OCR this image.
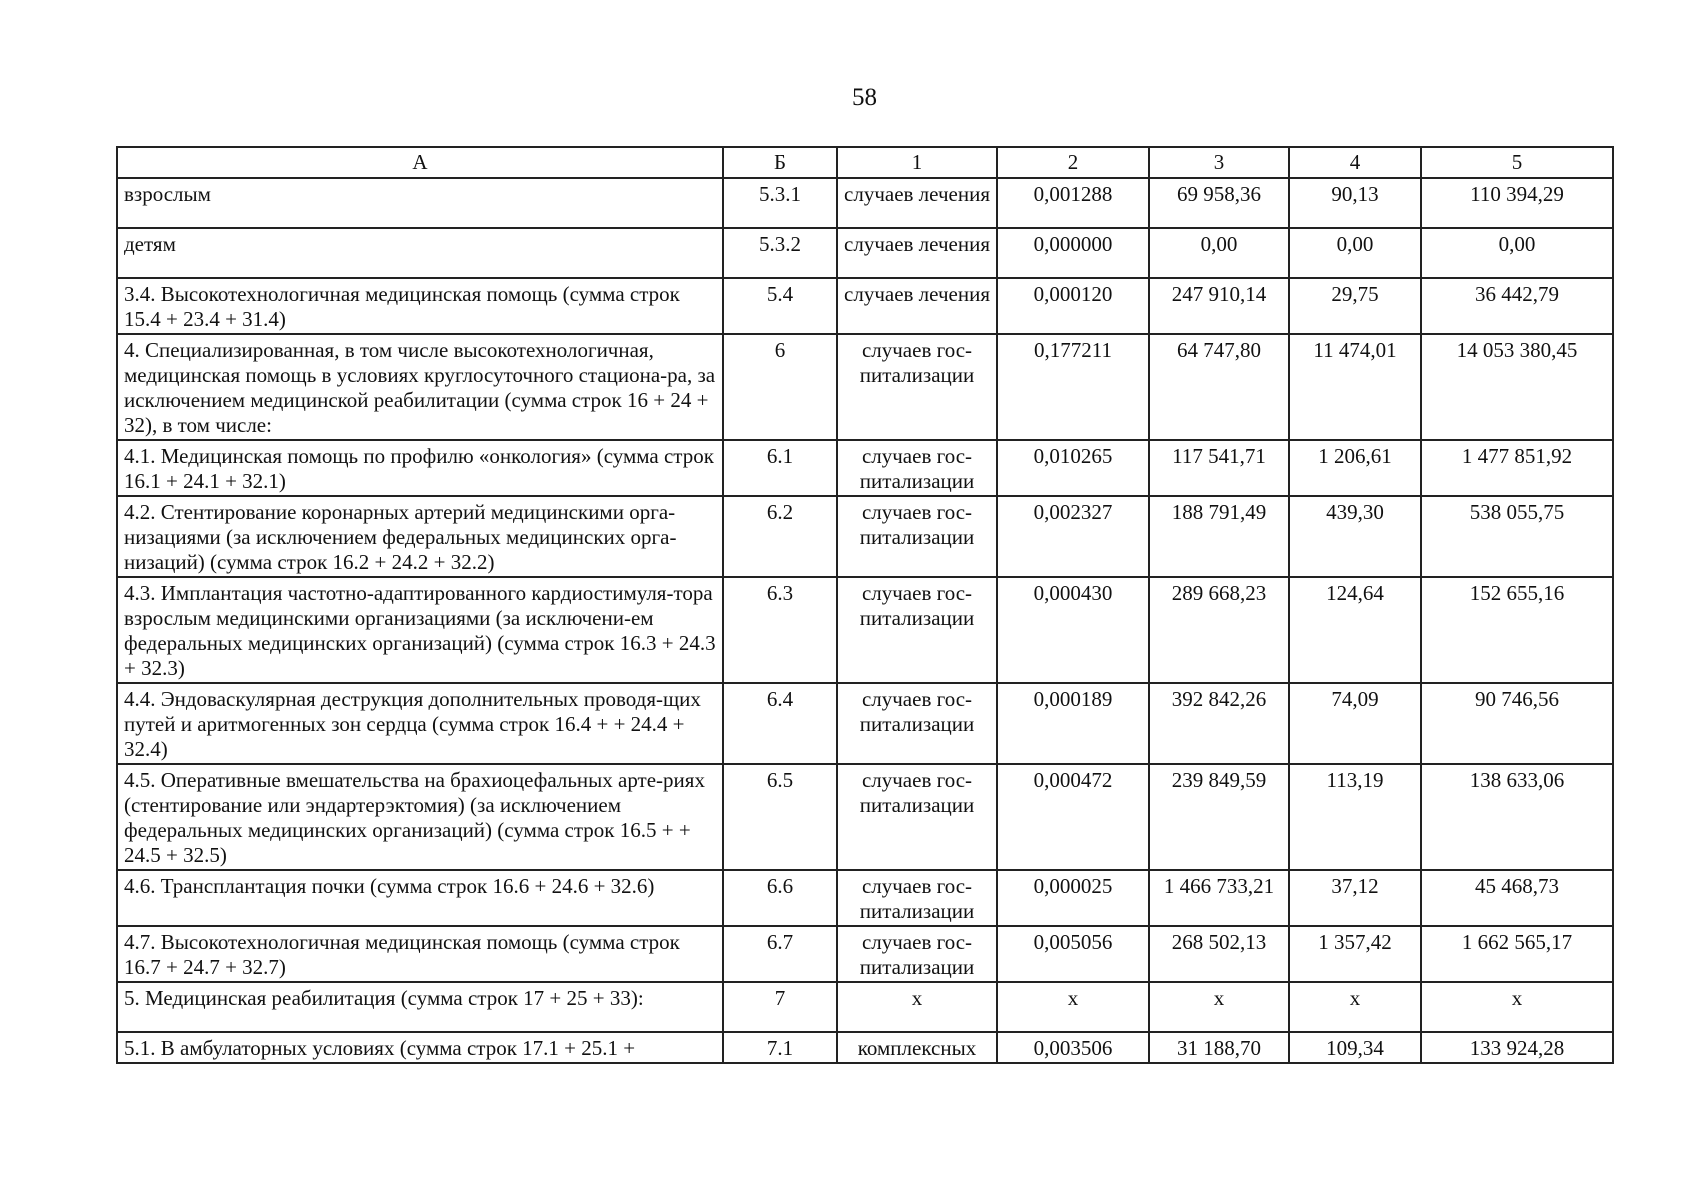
58
А	Б	1	2	3	4	5
взрослым	5.3.1	случаев лечения	0,001288	69 958,36	90,13	110 394,29
детям	5.3.2	случаев лечения	0,000000	0,00	0,00	0,00
3.4. Высокотехнологичная медицинская помощь (сумма строк 15.4 + 23.4 + 31.4)	5.4	случаев лечения	0,000120	247 910,14	29,75	36 442,79
4. Специализированная, в том числе высокотехнологичная, медицинская помощь в условиях круглосуточного стациона-ра, за исключением медицинской реабилитации (сумма строк 16 + 24 + 32), в том числе:	6	случаев гос-питализации	0,177211	64 747,80	11 474,01	14 053 380,45
4.1. Медицинская помощь по профилю «онкология» (сумма строк 16.1 + 24.1 + 32.1)	6.1	случаев гос-питализации	0,010265	117 541,71	1 206,61	1 477 851,92
4.2. Стентирование коронарных артерий медицинскими орга-низациями (за исключением федеральных медицинских орга-низаций) (сумма строк 16.2 + 24.2 + 32.2)	6.2	случаев гос-питализации	0,002327	188 791,49	439,30	538 055,75
4.3. Имплантация частотно-адаптированного кардиостимуля-тора взрослым медицинскими организациями (за исключени-ем федеральных медицинских организаций) (сумма строк 16.3 + 24.3 + 32.3)	6.3	случаев гос-питализации	0,000430	289 668,23	124,64	152 655,16
4.4. Эндоваскулярная деструкция дополнительных проводя-щих путей и аритмогенных зон сердца (сумма строк 16.4 + + 24.4 + 32.4)	6.4	случаев гос-питализации	0,000189	392 842,26	74,09	90 746,56
4.5. Оперативные вмешательства на брахиоцефальных арте-риях (стентирование или эндартерэктомия) (за исключением федеральных медицинских организаций) (сумма строк 16.5 + + 24.5 + 32.5)	6.5	случаев гос-питализации	0,000472	239 849,59	113,19	138 633,06
4.6. Трансплантация почки (сумма строк 16.6 + 24.6 + 32.6)	6.6	случаев гос-питализации	0,000025	1 466 733,21	37,12	45 468,73
4.7. Высокотехнологичная медицинская помощь (сумма строк 16.7 + 24.7 + 32.7)	6.7	случаев гос-питализации	0,005056	268 502,13	1 357,42	1 662 565,17
5. Медицинская реабилитация (сумма строк 17 + 25 + 33):	7	х	х	х	х	х
5.1. В амбулаторных условиях (сумма строк 17.1 + 25.1 +	7.1	комплексных	0,003506	31 188,70	109,34	133 924,28
